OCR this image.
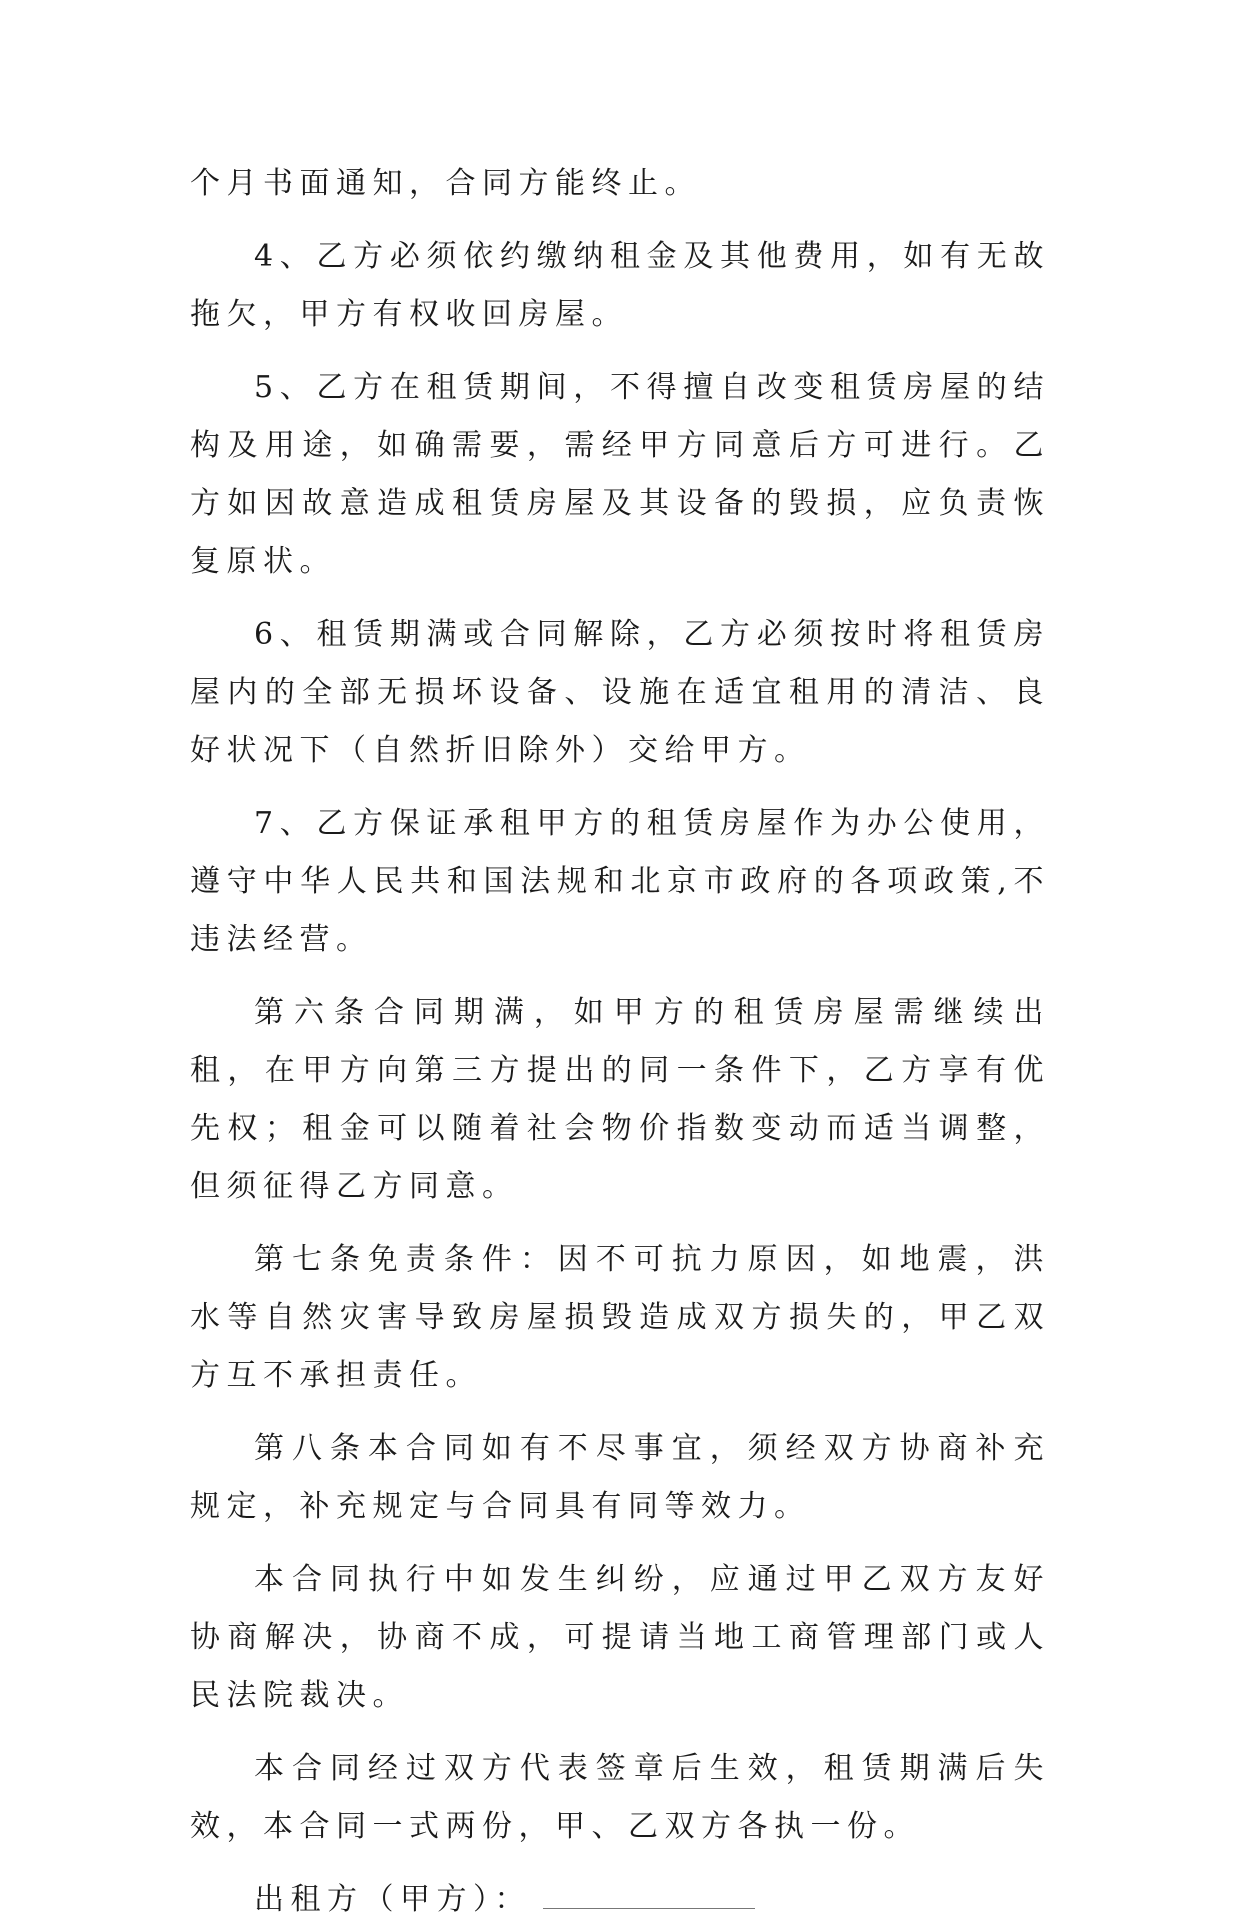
个月书面通知，合同方能终止。

4、乙方必须依约缴纳租金及其他费用，如有无故拖欠，甲方有权收回房屋。

5、乙方在租赁期间，不得擅自改变租赁房屋的结构及用途，如确需要，需经甲方同意后方可进行。乙方如因故意造成租赁房屋及其设备的毁损，应负责恢复原状。

6、租赁期满或合同解除，乙方必须按时将租赁房屋内的全部无损坏设备、设施在适宜租用的清洁、良好状况下（自然折旧除外）交给甲方。

7、乙方保证承租甲方的租赁房屋作为办公使用，遵守中华人民共和国法规和北京市政府的各项政策,不违法经营。

第六条合同期满，如甲方的租赁房屋需继续出租，在甲方向第三方提出的同一条件下，乙方享有优先权；租金可以随着社会物价指数变动而适当调整，但须征得乙方同意。

第七条免责条件：因不可抗力原因，如地震，洪水等自然灾害导致房屋损毁造成双方损失的，甲乙双方互不承担责任。

第八条本合同如有不尽事宜，须经双方协商补充规定，补充规定与合同具有同等效力。

本合同执行中如发生纠纷，应通过甲乙双方友好协商解决，协商不成，可提请当地工商管理部门或人民法院裁决。

本合同经过双方代表签章后生效，租赁期满后失效，本合同一式两份，甲、乙双方各执一份。

出租方（甲方）：
